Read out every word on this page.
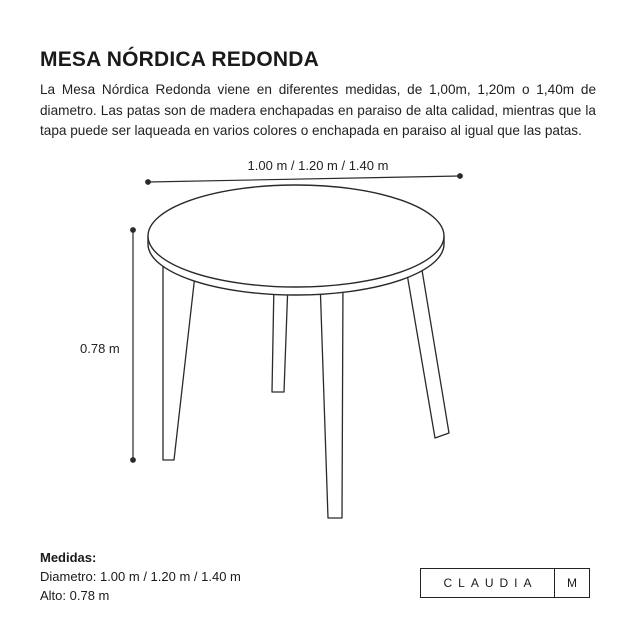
MESA NÓRDICA REDONDA
La Mesa Nórdica Redonda viene en diferentes medidas, de 1,00m, 1,20m o 1,40m de diametro. Las patas son de madera enchapadas en paraiso de alta calidad, mientras que la tapa puede ser laqueada en varios colores o enchapada en paraiso al igual que las patas.
1.00 m / 1.20 m / 1.40 m
0.78 m
Medidas:
Diametro: 1.00 m / 1.20 m / 1.40 m
Alto: 0.78 m
CLAUDIA	M
